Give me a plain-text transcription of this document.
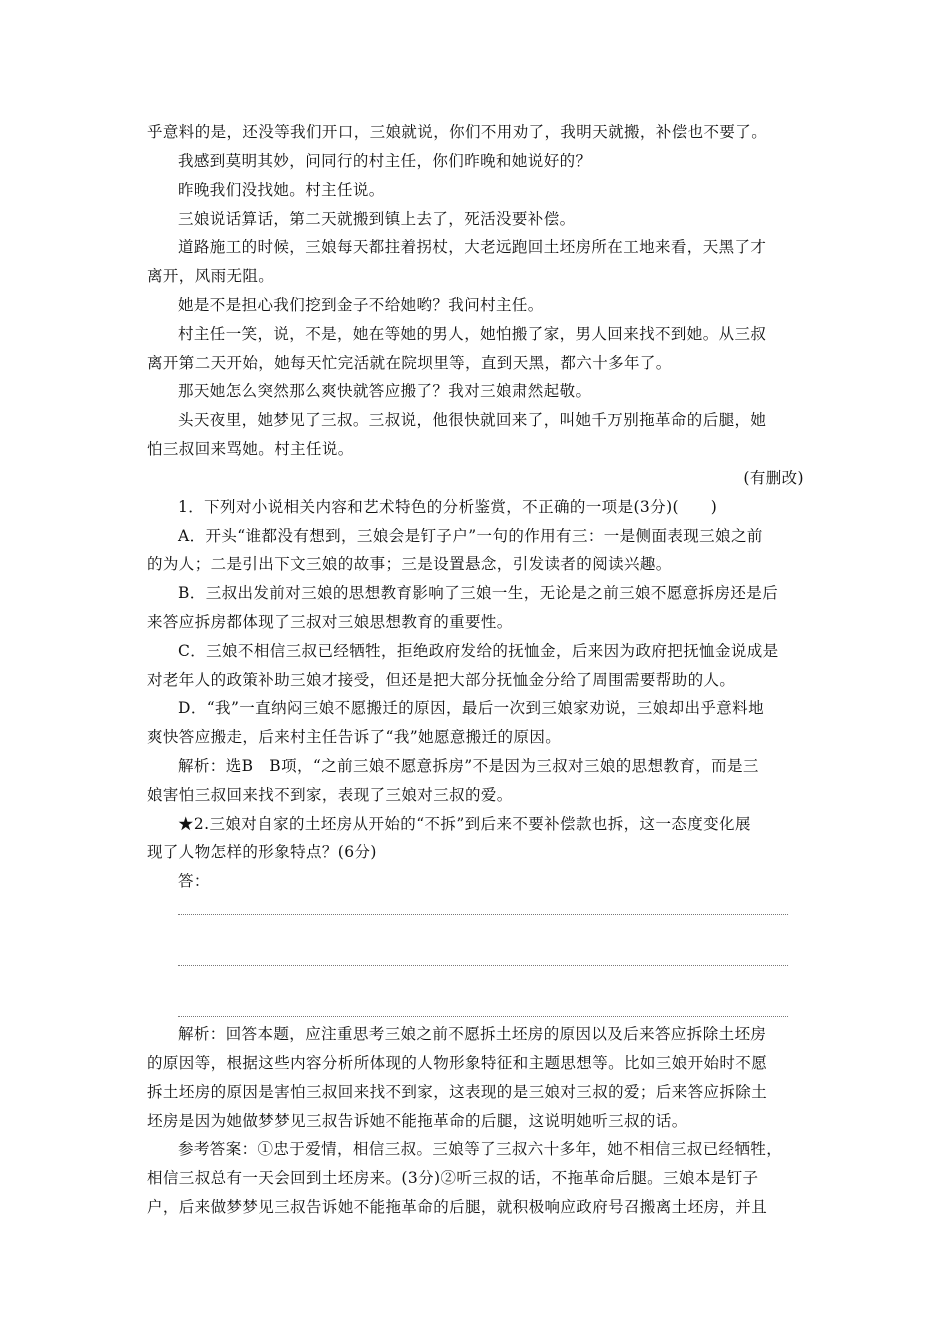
乎意料的是，还没等我们开口，三娘就说，你们不用劝了，我明天就搬，补偿也不要了。
我感到莫明其妙，问同行的村主任，你们昨晚和她说好的？
昨晚我们没找她。村主任说。
三娘说话算话，第二天就搬到镇上去了，死活没要补偿。
道路施工的时候，三娘每天都拄着拐杖，大老远跑回土坯房所在工地来看，天黑了才
离开，风雨无阻。
她是不是担心我们挖到金子不给她哟？我问村主任。
村主任一笑，说，不是，她在等她的男人，她怕搬了家，男人回来找不到她。从三叔
离开第二天开始，她每天忙完活就在院坝里等，直到天黑，都六十多年了。
那天她怎么突然那么爽快就答应搬了？我对三娘肃然起敬。
头天夜里，她梦见了三叔。三叔说，他很快就回来了，叫她千万别拖革命的后腿，她
怕三叔回来骂她。村主任说。
(有删改)
1．下列对小说相关内容和艺术特色的分析鉴赏，不正确的一项是(3分)(　　)
A．开头“谁都没有想到，三娘会是钉子户”一句的作用有三：一是侧面表现三娘之前
的为人；二是引出下文三娘的故事；三是设置悬念，引发读者的阅读兴趣。
B．三叔出发前对三娘的思想教育影响了三娘一生，无论是之前三娘不愿意拆房还是后
来答应拆房都体现了三叔对三娘思想教育的重要性。
C．三娘不相信三叔已经牺牲，拒绝政府发给的抚恤金，后来因为政府把抚恤金说成是
对老年人的政策补助三娘才接受，但还是把大部分抚恤金分给了周围需要帮助的人。
D．“我”一直纳闷三娘不愿搬迁的原因，最后一次到三娘家劝说，三娘却出乎意料地
爽快答应搬走，后来村主任告诉了“我”她愿意搬迁的原因。
解析：选B　B项，“之前三娘不愿意拆房”不是因为三叔对三娘的思想教育，而是三
娘害怕三叔回来找不到家，表现了三娘对三叔的爱。
★2.三娘对自家的土坯房从开始的“不拆”到后来不要补偿款也拆，这一态度变化展
现了人物怎样的形象特点？(6分)
答：
解析：回答本题，应注重思考三娘之前不愿拆土坯房的原因以及后来答应拆除土坯房
的原因等，根据这些内容分析所体现的人物形象特征和主题思想等。比如三娘开始时不愿
拆土坯房的原因是害怕三叔回来找不到家，这表现的是三娘对三叔的爱；后来答应拆除土
坯房是因为她做梦梦见三叔告诉她不能拖革命的后腿，这说明她听三叔的话。
参考答案：①忠于爱情，相信三叔。三娘等了三叔六十多年，她不相信三叔已经牺牲，
相信三叔总有一天会回到土坯房来。(3分)②听三叔的话，不拖革命后腿。三娘本是钉子
户，后来做梦梦见三叔告诉她不能拖革命的后腿，就积极响应政府号召搬离土坯房，并且
